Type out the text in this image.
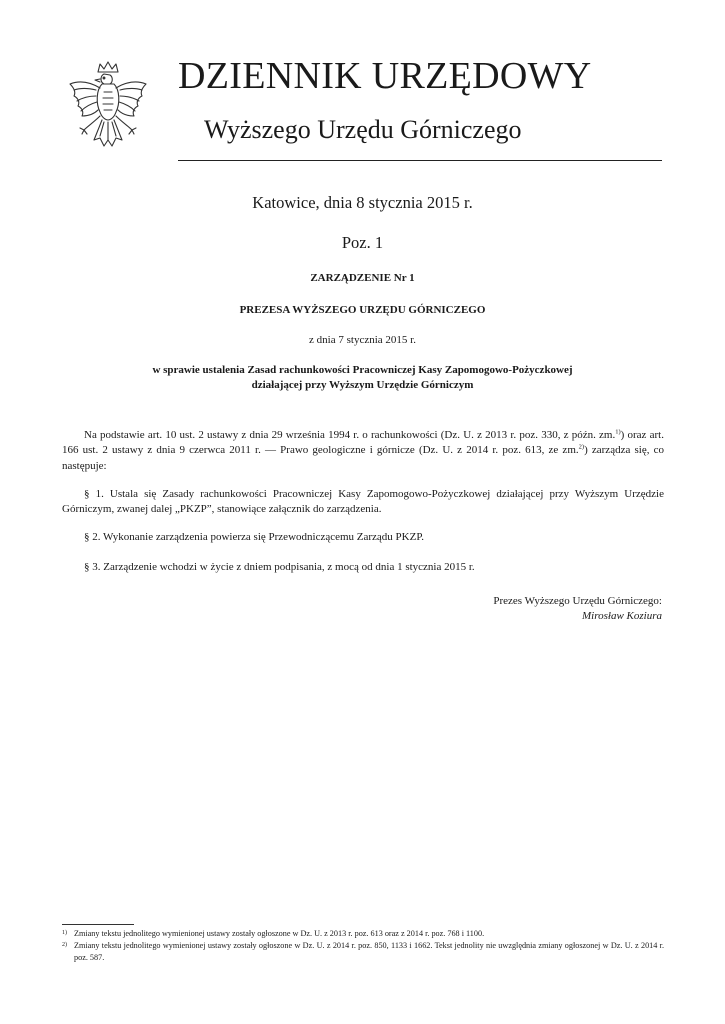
DZIENNIK URZĘDOWY
Wyższego Urzędu Górniczego
Katowice, dnia 8 stycznia 2015 r.
Poz. 1
ZARZĄDZENIE Nr 1
PREZESA WYŻSZEGO URZĘDU GÓRNICZEGO
z dnia 7 stycznia 2015 r.
w sprawie ustalenia Zasad rachunkowości Pracowniczej Kasy Zapomogowo-Pożyczkowej
działającej przy Wyższym Urzędzie Górniczym
Na podstawie art. 10 ust. 2 ustawy z dnia 29 września 1994 r. o rachunkowości (Dz. U. z 2013 r. poz. 330, z późn. zm.$^{1)}$) oraz art. 166 ust. 2 ustawy z dnia 9 czerwca 2011 r. — Prawo geologiczne i górnicze (Dz. U. z 2014 r. poz. 613, ze zm.$^{2)}$) zarządza się, co następuje:
§ 1. Ustala się Zasady rachunkowości Pracowniczej Kasy Zapomogowo-Pożyczkowej działającej przy Wyższym Urzędzie Górniczym, zwanej dalej „PKZP”, stanowiące załącznik do zarządzenia.
§ 2. Wykonanie zarządzenia powierza się Przewodniczącemu Zarządu PKZP.
§ 3. Zarządzenie wchodzi w życie z dniem podpisania, z mocą od dnia 1 stycznia 2015 r.
Prezes Wyższego Urzędu Górniczego:
Mirosław Koziura
1) Zmiany tekstu jednolitego wymienionej ustawy zostały ogłoszone w Dz. U. z 2013 r. poz. 613 oraz z 2014 r. poz. 768 i 1100.
2) Zmiany tekstu jednolitego wymienionej ustawy zostały ogłoszone w Dz. U. z 2014 r. poz. 850, 1133 i 1662. Tekst jednolity nie uwzględnia zmiany ogłoszonej w Dz. U. z 2014 r. poz. 587.
